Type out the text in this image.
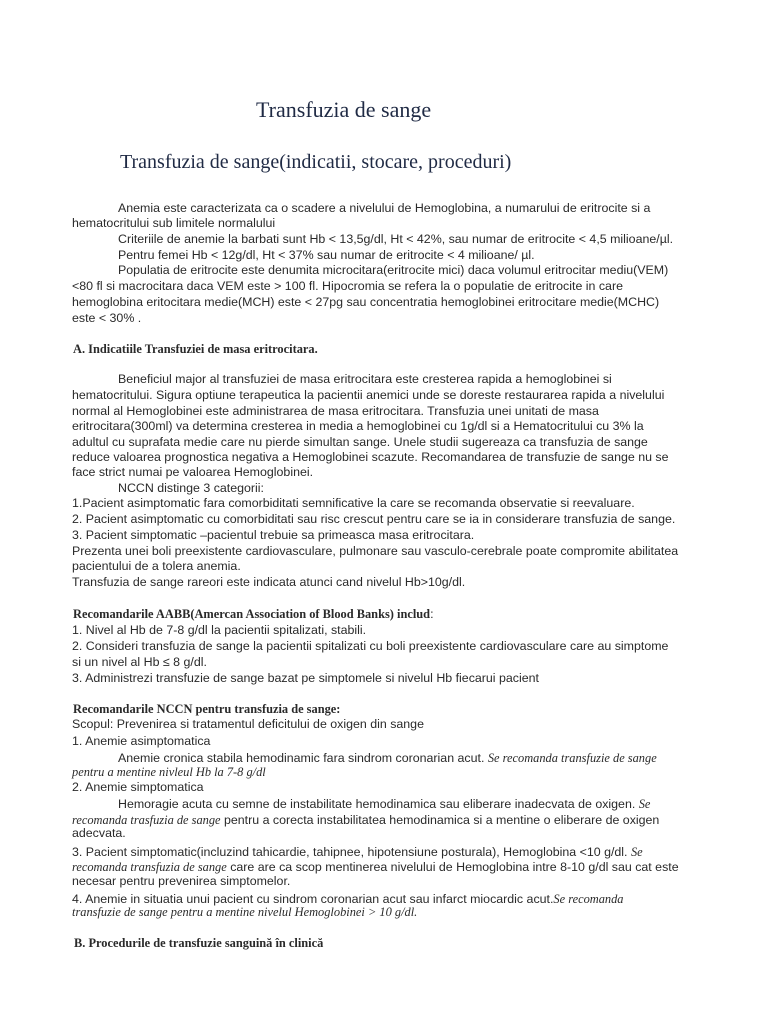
Transfuzia de sange
Transfuzia de sange(indicatii, stocare, proceduri)
Anemia este caracterizata ca o scadere a nivelului de Hemoglobina, a numarului de eritrocite si a
hematocritului sub limitele normalului
Criteriile de anemie la barbati sunt Hb < 13,5g/dl, Ht < 42%, sau numar de eritrocite < 4,5 milioane/µl.
Pentru femei Hb < 12g/dl, Ht < 37% sau numar de eritrocite < 4 milioane/ µl.
Populatia de eritrocite este denumita microcitara(eritrocite mici) daca volumul eritrocitar mediu(VEM)
<80 fl si macrocitara daca VEM este > 100 fl. Hipocromia se refera la o populatie de eritrocite in care
hemoglobina eritocitara medie(MCH) este < 27pg sau concentratia hemoglobinei eritrocitare medie(MCHC)
este < 30% .
A. Indicatiile Transfuziei de masa eritrocitara.
Beneficiul major al transfuziei de masa eritrocitara este cresterea rapida a hemoglobinei si
hematocritului. Sigura optiune terapeutica la pacientii anemici unde se doreste restaurarea rapida a nivelului
normal al Hemoglobinei este administrarea de masa eritrocitara. Transfuzia unei unitati de masa
eritrocitara(300ml) va determina cresterea in media a hemoglobinei cu 1g/dl si a Hematocritului cu 3% la
adultul cu suprafata medie care nu pierde simultan sange. Unele studii sugereaza ca transfuzia de sange
reduce valoarea prognostica negativa a Hemoglobinei scazute. Recomandarea de transfuzie de sange nu se
face strict numai pe valoarea Hemoglobinei.
NCCN distinge 3 categorii:
1.Pacient asimptomatic fara comorbiditati semnificative la care se recomanda observatie si reevaluare.
2. Pacient asimptomatic cu comorbiditati sau risc crescut pentru care se ia in considerare transfuzia de sange.
3. Pacient simptomatic –pacientul trebuie sa primeasca masa eritrocitara.
Prezenta unei boli preexistente cardiovasculare, pulmonare sau vasculo-cerebrale poate compromite abilitatea
pacientului de a tolera anemia.
Transfuzia de sange rareori este indicata atunci cand nivelul Hb>10g/dl.
Recomandarile AABB(Amercan Association of Blood Banks) includ:
1. Nivel al Hb de 7-8 g/dl la pacientii spitalizati, stabili.
2. Consideri transfuzia de sange la pacientii spitalizati cu boli preexistente cardiovasculare care au simptome
si un nivel al Hb ≤ 8 g/dl.
3. Administrezi transfuzie de sange bazat pe simptomele si nivelul Hb fiecarui pacient
Recomandarile NCCN pentru transfuzia de sange:
Scopul: Prevenirea si tratamentul deficitului de oxigen din sange
1. Anemie asimptomatica
Anemie cronica stabila hemodinamic fara sindrom coronarian acut. Se recomanda transfuzie de sange
pentru a mentine nivleul Hb la 7-8 g/dl
2. Anemie simptomatica
Hemoragie acuta cu semne de instabilitate hemodinamica sau eliberare inadecvata de oxigen. Se
recomanda trasfuzia de sange pentru a corecta instabilitatea hemodinamica si a mentine o eliberare de oxigen
adecvata.
3. Pacient simptomatic(incluzind tahicardie, tahipnee, hipotensiune posturala), Hemoglobina <10 g/dl. Se
recomanda transfuzia de sange care are ca scop mentinerea nivelului de Hemoglobina intre 8-10 g/dl sau cat este
necesar pentru prevenirea simptomelor.
4. Anemie in situatia unui pacient cu sindrom coronarian acut sau infarct miocardic acut.Se recomanda
transfuzie de sange pentru a mentine nivelul Hemoglobinei > 10 g/dl.
B. Procedurile de transfuzie sanguină în clinică
